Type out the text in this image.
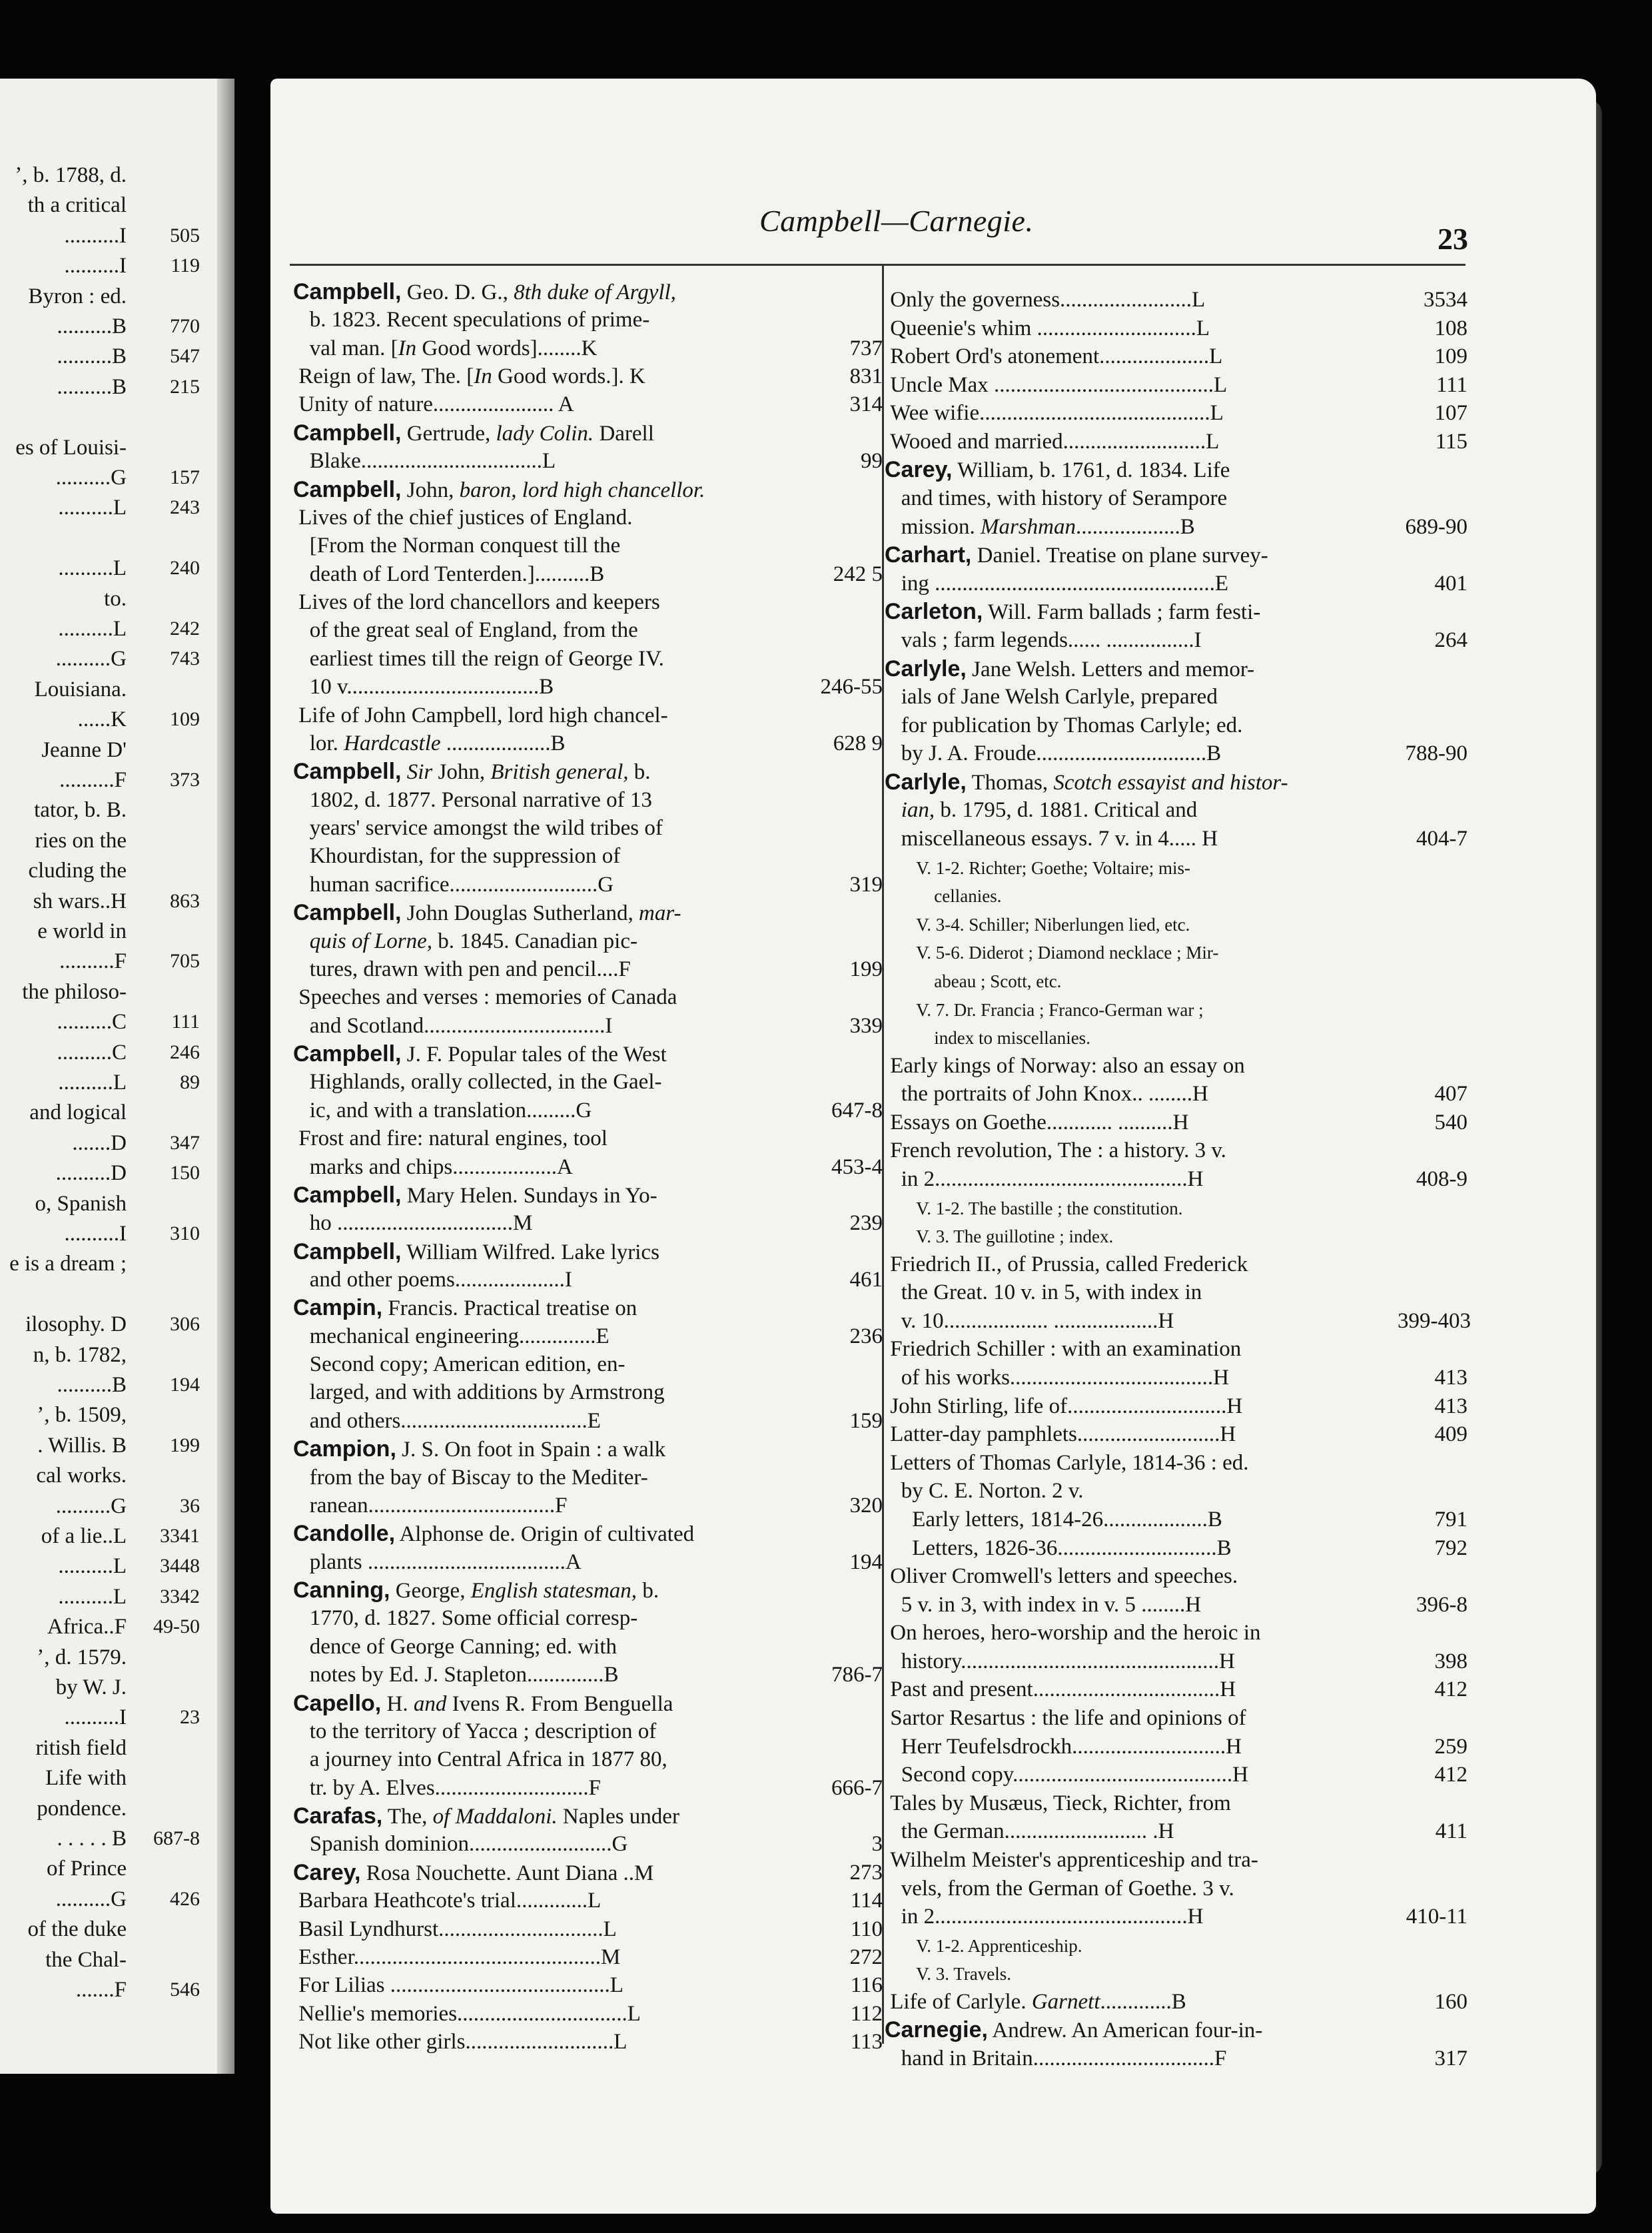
ʼ, b. 1788, d.
th a critical
..........I 505
..........I 119
Byron : ed.
..........B 770
..........B 547
..........B 215
es of Louisi-
..........G 157
..........L 243
..........L 240
to.
..........L 242
..........G 743
Louisiana.
......K 109
Jeanne D'
..........F 373
tator, b. B.
ries on the
cluding the
sh wars..H 863
e world in
..........F 705
the philoso-
..........C 111
..........C 246
..........L	89
and logical
.......D 347
..........D 150
o, Spanish
..........I 310
e is a dream ;
ilosophy. D 306
n, b. 1782,
..........B 194
ʼ, b. 1509,
. Willis. B 199
cal works.
..........G	36
of a lie..L 3341
..........L 3448
..........L 3342
Africa..F 49-50
ʼ, d. 1579.
by W. J.
..........I	23
ritish field
Life with
pondence.
. . . . . B 687-8
of Prince
..........G 426
of the duke
the Chal-
.......F 546
Campbell—Carnegie.
23
Campbell, Geo. D. G., 8th duke of Argyll,
b. 1823. Recent speculations of prime-
val man. [In Good words]........K	737
Reign of law, The. [In Good words.]. K	831
Unity of nature...................... A	314
Campbell, Gertrude, lady Colin. Darell
Blake.................................L	99
Campbell, John, baron, lord high chancellor.
Lives of the chief justices of England.
[From the Norman conquest till the
death of Lord Tenterden.]..........B	242 5
Lives of the lord chancellors and keepers
of the great seal of England, from the
earliest times till the reign of George IV.
10 v...................................B	246-55
Life of John Campbell, lord high chancel-
lor. Hardcastle ...................B	628 9
Campbell, Sir John, British general, b.
1802, d. 1877. Personal narrative of 13
years' service amongst the wild tribes of
Khourdistan, for the suppression of
human sacrifice...........................G	319
Campbell, John Douglas Sutherland, mar-
quis of Lorne, b. 1845. Canadian pic-
tures, drawn with pen and pencil....F	199
Speeches and verses : memories of Canada
and Scotland.................................I	339
Campbell, J. F. Popular tales of the West
Highlands, orally collected, in the Gael-
ic, and with a translation.........G	647-8
Frost and fire: natural engines, tool
marks and chips...................A	453-4
Campbell, Mary Helen. Sundays in Yo-
ho ................................M	239
Campbell, William Wilfred. Lake lyrics
and other poems....................I	461
Campin, Francis. Practical treatise on
mechanical engineering..............E	236
Second copy; American edition, en-
larged, and with additions by Armstrong
and others..................................E	159
Campion, J. S. On foot in Spain : a walk
from the bay of Biscay to the Mediter-
ranean..................................F	320
Candolle, Alphonse de. Origin of cultivated
plants ....................................A	194
Canning, George, English statesman, b.
1770, d. 1827. Some official corresp-
dence of George Canning; ed. with
notes by Ed. J. Stapleton..............B	786-7
Capello, H. and Ivens R. From Benguella
to the territory of Yacca ; description of
a journey into Central Africa in 1877 80,
tr. by A. Elves............................F	666-7
Carafas, The, of Maddaloni. Naples under
Spanish dominion..........................G	3
Carey, Rosa Nouchette. Aunt Diana ..M	273
Barbara Heathcote's trial.............L	114
Basil Lyndhurst..............................L	110
Esther.............................................M	272
For Lilias ........................................L	116
Nellie's memories...............................L	112
Not like other girls...........................L	113
Only the governess........................L	3534
Queenie's whim .............................L	108
Robert Ord's atonement....................L	109
Uncle Max ........................................L	111
Wee wifie..........................................L	107
Wooed and married..........................L	115
Carey, William, b. 1761, d. 1834. Life
and times, with history of Serampore
mission. Marshman...................B	689-90
Carhart, Daniel. Treatise on plane survey-
ing ...................................................E	401
Carleton, Will. Farm ballads ; farm festi-
vals ; farm legends...... ................I	264
Carlyle, Jane Welsh. Letters and memor-
ials of Jane Welsh Carlyle, prepared
for publication by Thomas Carlyle; ed.
by J. A. Froude...............................B	788-90
Carlyle, Thomas, Scotch essayist and histor-
ian, b. 1795, d. 1881. Critical and
miscellaneous essays. 7 v. in 4..... H	404-7
V. 1-2. Richter; Goethe; Voltaire; mis-
cellanies.
V. 3-4. Schiller; Niberlungen lied, etc.
V. 5-6. Diderot ; Diamond necklace ; Mir-
abeau ; Scott, etc.
V. 7. Dr. Francia ; Franco-German war ;
index to miscellanies.
Early kings of Norway: also an essay on
the portraits of John Knox.. ........H	407
Essays on Goethe............ ..........H	540
French revolution, The : a history. 3 v.
in 2..............................................H	408-9
V. 1-2. The bastille ; the constitution.
V. 3. The guillotine ; index.
Friedrich II., of Prussia, called Frederick
the Great. 10 v. in 5, with index in
v. 10................... ...................H	399-403
Friedrich Schiller : with an examination
of his works.....................................H	413
John Stirling, life of.............................H	413
Latter-day pamphlets..........................H	409
Letters of Thomas Carlyle, 1814-36 : ed.
by C. E. Norton. 2 v.
Early letters, 1814-26...................B	791
Letters, 1826-36.............................B	792
Oliver Cromwell's letters and speeches.
5 v. in 3, with index in v. 5 ........H	396-8
On heroes, hero-worship and the heroic in
history...............................................H	398
Past and present..................................H	412
Sartor Resartus : the life and opinions of
Herr Teufelsdrockh............................H	259
Second copy........................................H	412
Tales by Musæus, Tieck, Richter, from
the German.......................... .H	411
Wilhelm Meister's apprenticeship and tra-
vels, from the German of Goethe. 3 v.
in 2..............................................H	410-11
V. 1-2. Apprenticeship.
V. 3. Travels.
Life of Carlyle. Garnett.............B	160
Carnegie, Andrew. An American four-in-
hand in Britain.................................F	317
